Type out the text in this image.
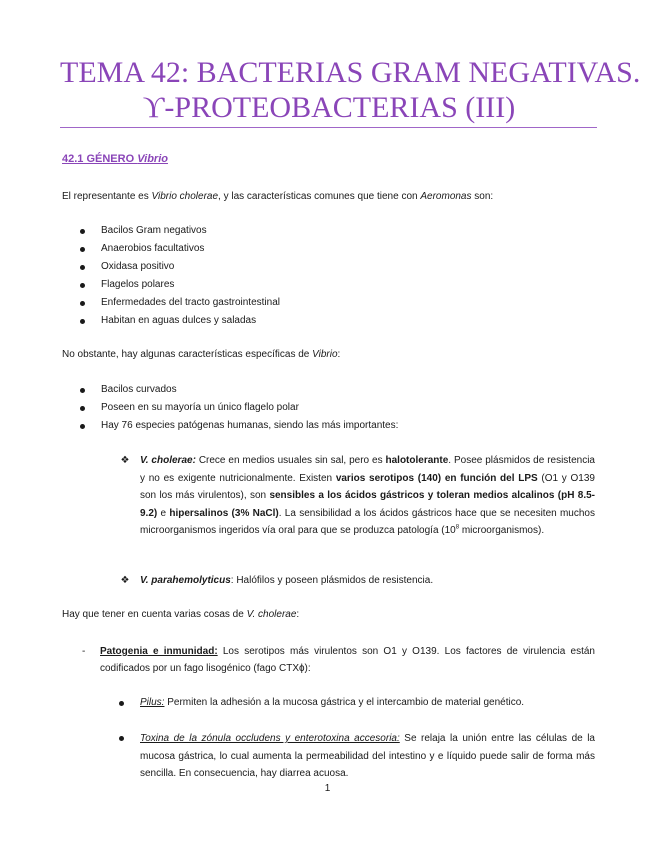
TEMA 42: BACTERIAS GRAM NEGATIVAS.
ϒ-PROTEOBACTERIAS (III)
42.1 GÉNERO Vibrio

El representante es Vibrio cholerae, y las características comunes que tiene con Aeromonas son:

Bacilos Gram negativos
Anaerobios facultativos
Oxidasa positivo
Flagelos polares
Enfermedades del tracto gastrointestinal
Habitan en aguas dulces y saladas

No obstante, hay algunas características específicas de Vibrio:

Bacilos curvados
Poseen en su mayoría un único flagelo polar
Hay 76 especies patógenas humanas, siendo las más importantes:
❖ V. cholerae: Crece en medios usuales sin sal, pero es halotolerante. Posee plásmidos de resistencia y no es exigente nutricionalmente. Existen varios serotipos (140) en función del LPS (O1 y O139 son los más virulentos), son sensibles a los ácidos gástricos y toleran medios alcalinos (pH 8.5-9.2) e hipersalinos (3% NaCl). La sensibilidad a los ácidos gástricos hace que se necesiten muchos microorganismos ingeridos vía oral para que se produzca patología ($10^8$ microorganismos).

❖ V. parahemolyticus: Halófilos y poseen plásmidos de resistencia.

Hay que tener en cuenta varias cosas de V. cholerae:

- Patogenia e inmunidad: Los serotipos más virulentos son O1 y O139. Los factores de virulencia están codificados por un fago lisogénico (fago CTXɸ):

Pilus: Permiten la adhesión a la mucosa gástrica y el intercambio de material genético.

Toxina de la zónula occludens y enterotoxina accesoria: Se relaja la unión entre las células de la mucosa gástrica, lo cual aumenta la permeabilidad del intestino y e líquido puede salir de forma más sencilla. En consecuencia, hay diarrea acuosa.

1
